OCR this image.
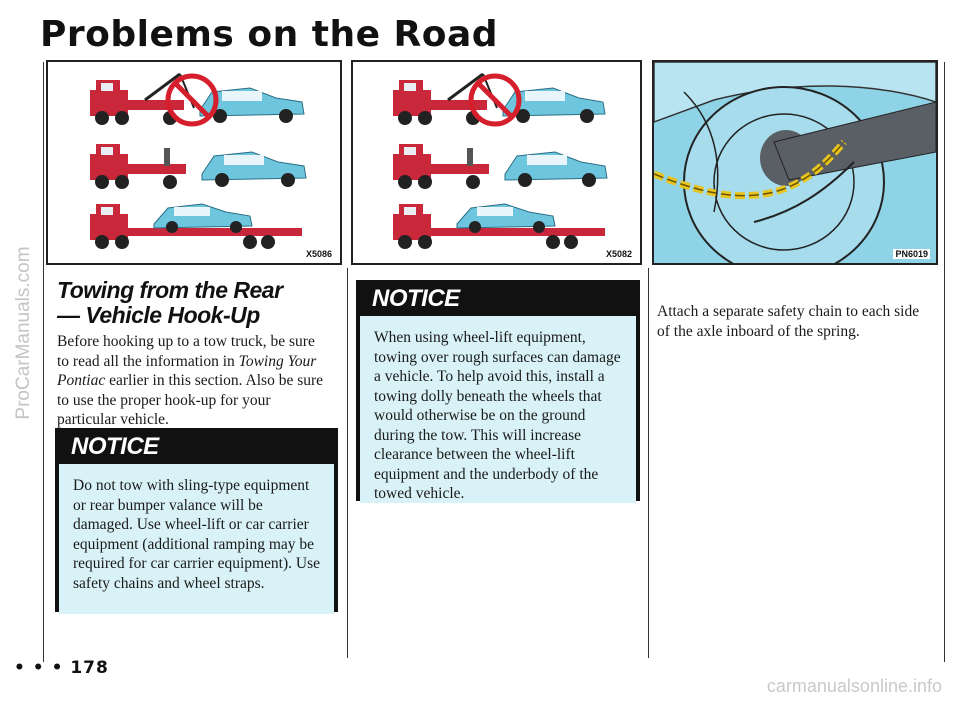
ProCarManuals.com
carmanualsonline.info
Problems on the Road
X5086	X5082	PN6019
Towing from the Rear— Vehicle Hook-Up
Before hooking up to a tow truck, be sure to read all the information in Towing Your Pontiac earlier in this section. Also be sure to use the proper hook-up for your particular vehicle.
NOTICE
Do not tow with sling-type equipment or rear bumper valance will be damaged. Use wheel-lift or car carrier equipment (additional ramping may be required for car carrier equipment). Use safety chains and wheel straps.
NOTICE
When using wheel-lift equipment, towing over rough surfaces can damage a vehicle. To help avoid this, install a towing dolly beneath the wheels that would otherwise be on the ground during the tow. This will increase clearance between the wheel-lift equipment and the underbody of the towed vehicle.
Attach a separate safety chain to each side of the axle inboard of the spring.
• • • 178
